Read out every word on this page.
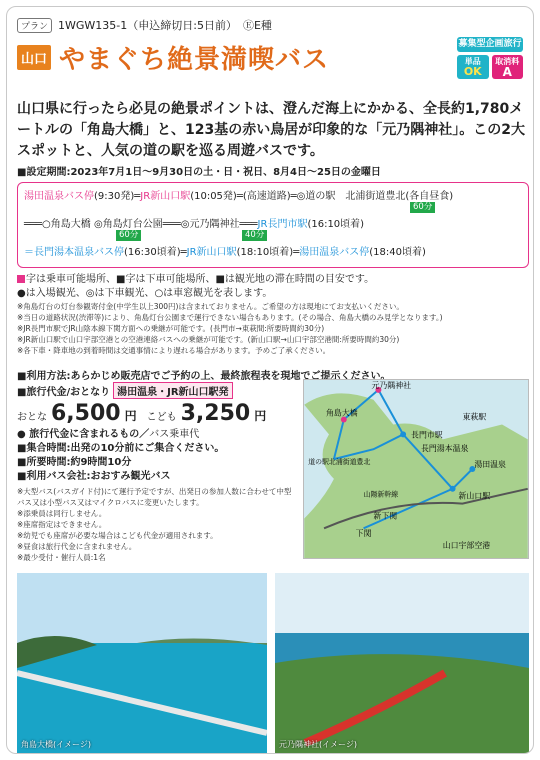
プラン 1WGW135-1（申込締切日:5日前） ⒺE種
山口 やまぐち絶景満喫バス
募集型企画旅行
単品
OK
取消料
A

山口県に行ったら必見の絶景ポイントは、澄んだ海上にかかる、全長約1,780メートルの「角島大橋」と、123基の赤い鳥居が印象的な「元乃隅神社」。この2大スポットと、人気の道の駅を巡る周遊バスです。

■設定期間:2023年7月1日～9月30日の土・日・祝日、8月4日～25日の金曜日

湯田温泉バス停(9:30発)═JR新山口駅(10:05発)═(高速道路)═◎道の駅　北浦街道豊北(各自昼食)
60分
═══○角島大橋 ◎角島灯台公園═══◎元乃隅神社═══JR長門市駅(16:10頃着)
60分	40分
＝長門湯本温泉バス停(16:30頃着)═JR新山口駅(18:10頃着)═湯田温泉バス停(18:40頃着)
字は乗車可能場所、■字は下車可能場所、■は観光地の滞在時間の目安です。
●は入場観光、◎は下車観光、○は車窓観光を表します。
※角島灯台の灯台参観寄付金(中学生以上300円)は含まれておりません。ご希望の方は現地にてお支払いください。
※当日の道路状況(渋滞等)により、角島灯台公園まで運行できない場合もあります。(その場合、角島大橋のみ見学となります。)
※JR長門市駅でJR山陰本線下関方面への乗継が可能です。(長門市→東萩間:所要時間約30分)
※JR新山口駅で山口宇部空港との空港連絡バスへの乗継が可能です。(新山口駅→山口宇部空港間:所要時間約30分)
※各下車・降車地の到着時間は交通事情により遅れる場合があります。予めご了承ください。

■利用方法:あらかじめ販売店でご予約の上、最終旅程表を現地でご提示ください。

■旅行代金/おとなり 湯田温泉・JR新山口駅発
おとな 6,500 円 こども 3,250 円
● 旅行代金に含まれるもの／バス乗車代
■集合時間:出発の10分前にご集合ください。
■所要時間:約9時間10分
■利用バス会社:おおすみ観光バス
※大型バス(バスガイド付)にて運行予定ですが、出発日の参加人数に合わせて中型バス又は小型バス又はマイクロバスに変更いたします。
※添乗員は同行しません。
※座席指定はできません。
※幼児でも座席が必要な場合はこども代金が適用されます。
※昼食は旅行代金に含まれません。
※最少受付・催行人員:1名
元乃隅神社
角島大橋	東萩駅
長門市駅
長門湯本温泉
湯田温泉
道の駅北浦街道豊北
新山口駅
下関
新下関
山口宇部空港
山陽新幹線
角島大橋(イメージ)	元乃隅神社(イメージ)
